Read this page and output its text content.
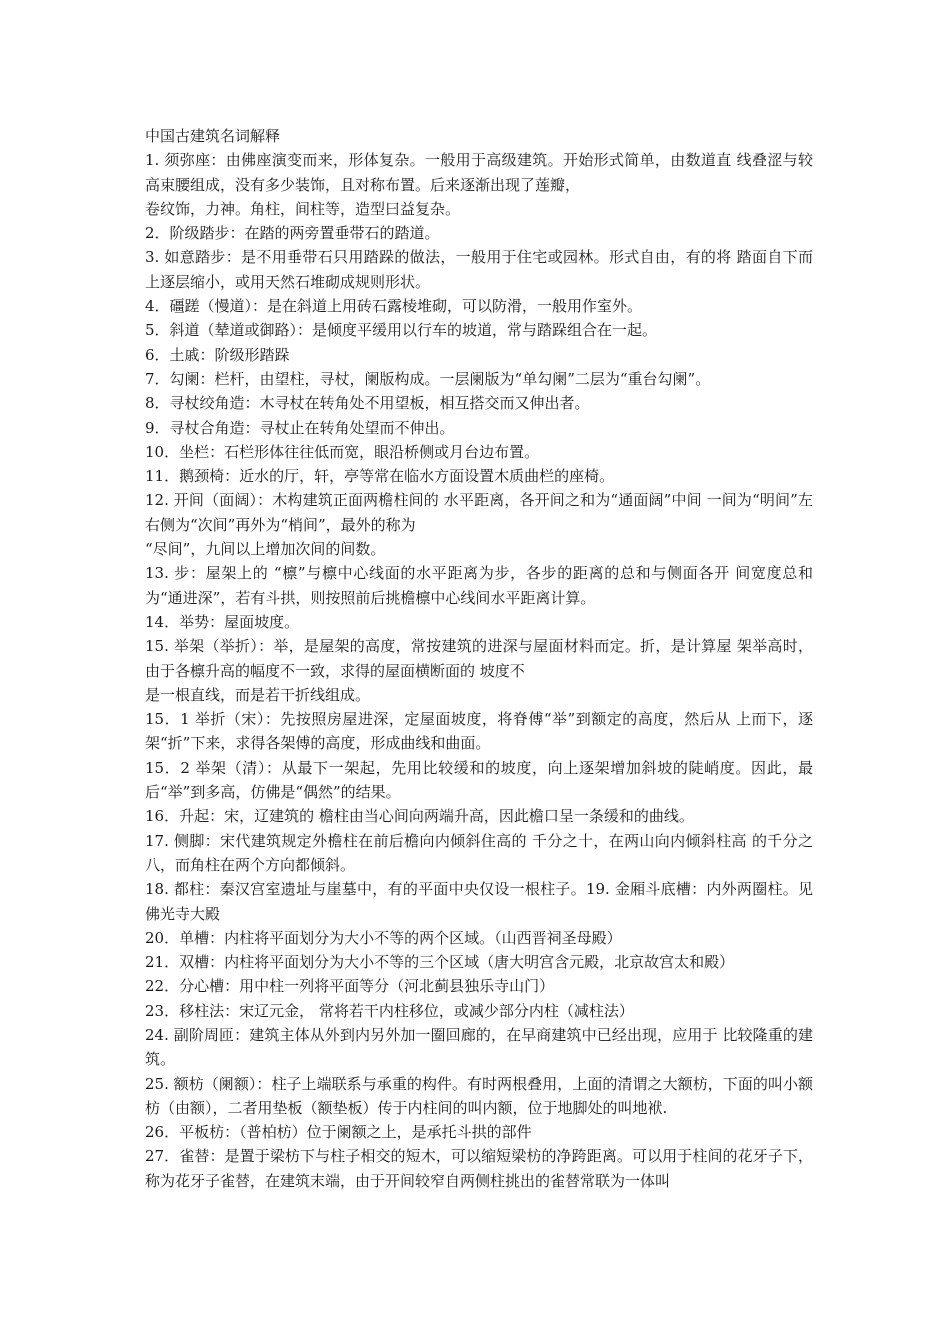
中国古建筑名词解释

1. 须弥座：由佛座演变而来，形体复杂。一般用于高级建筑。开始形式简单，由数道直 线叠涩与较高束腰组成，没有多少装饰，且对称布置。后来逐渐出现了莲瓣，
卷纹饰，力神。角柱，间柱等，造型曰益复杂。

2．阶级踏步：在踏的两旁置垂带石的踏道。

3. 如意踏步：是不用垂带石只用踏跺的做法，一般用于住宅或园林。形式自由，有的将 踏面自下而上逐层缩小，或用天然石堆砌成规则形状。

4．礓蹉（慢道）：是在斜道上用砖石露棱堆砌，可以防滑，一般用作室外。

5．斜道（辇道或御路）：是倾度平缓用以行车的坡道，常与踏跺组合在一起。

6．土戚：阶级形踏跺

7．勾阑：栏杆，由望柱，寻杖，阑版构成。一层阑版为“单勾阑”二层为“重台勾阑”。

8．寻杖绞角造：木寻杖在转角处不用望板，相互搭交而又伸出者。

9．寻杖合角造：寻杖止在转角处望而不伸出。

10．坐栏：石栏形体往往低而宽，眼沿桥侧或月台边布置。

11．鹅颈椅：近水的厅，轩，亭等常在临水方面设置木质曲栏的座椅。

12. 开间（面阔）：木构建筑正面两檐柱间的 水平距离，各开间之和为“通面阔”中间 一间为“明间”左右侧为“次间”再外为“梢间”，最外的称为
“尽间”，九间以上增加次间的间数。

13. 步：屋架上的 “檩”与檩中心线面的水平距离为步，各步的距离的总和与侧面各开 间宽度总和为“通进深”，若有斗拱，则按照前后挑檐檩中心线间水平距离计算。

14．举势：屋面坡度。

15. 举架（举折）：举，是屋架的高度，常按建筑的进深与屋面材料而定。折，是计算屋 架举高时，由于各檩升高的幅度不一致，求得的屋面横断面的 坡度不
是一根直线，而是若干折线组成。

15．1 举折（宋）：先按照房屋进深，定屋面坡度，将脊傅“举”到额定的高度，然后从 上而下，逐架“折”下来，求得各架傅的高度，形成曲线和曲面。

15．2 举架（清）：从最下一架起，先用比较缓和的坡度，向上逐架增加斜坡的陡峭度。因此，最后“举”到多高，仿佛是“偶然”的结果。

16．升起：宋，辽建筑的 檐柱由当心间向两端升高，因此檐口呈一条缓和的曲线。

17. 侧脚：宋代建筑规定外檐柱在前后檐向内倾斜住高的 千分之十，在两山向内倾斜柱高 的千分之八，而角柱在两个方向都倾斜。

18. 都柱：秦汉宫室遗址与崖墓中，有的平面中央仅设一根柱子。19. 金厢斗底槽：内外两圈柱。见佛光寺大殿

20．单槽：内柱将平面划分为大小不等的两个区域。（山西晋祠圣母殿）

21．双槽：内柱将平面划分为大小不等的三个区域（唐大明宫含元殿，北京故宫太和殿）

22．分心槽：用中柱一列将平面等分（河北蓟县独乐寺山门）

23．移柱法：宋辽元金， 常将若干内柱移位，或减少部分内柱（减柱法）

24. 副阶周匝：建筑主体从外到内另外加一圈回廊的，在早商建筑中已经出现，应用于 比较隆重的建筑。

25. 额枋（阑额）：柱子上端联系与承重的构件。有时两根叠用，上面的清谓之大额枋，下面的叫小额枋（由额），二者用垫板（额垫板）传于内柱间的叫内额，位于地脚处的叫地袱.

26．平板枋：（普柏枋）位于阑额之上，是承托斗拱的部件

27．雀替：是置于梁枋下与柱子相交的短木，可以缩短梁枋的净跨距离。可以用于柱间的花牙子下，称为花牙子雀替，在建筑末端，由于开间较窄自两侧柱挑出的雀替常联为一体叫
